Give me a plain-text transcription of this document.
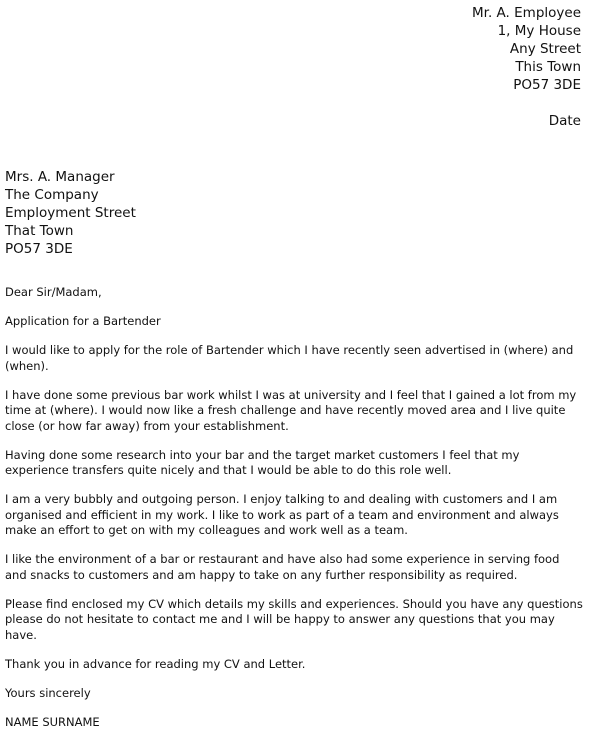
Mr. A. Employee
1, My House
Any Street
This Town
PO57 3DE
Date
Mrs. A. Manager
The Company
Employment Street
That Town
PO57 3DE

Dear Sir/Madam,

Application for a Bartender

I would like to apply for the role of Bartender which I have recently seen advertised in (where) and (when).

I have done some previous bar work whilst I was at university and I feel that I gained a lot from my time at (where). I would now like a fresh challenge and have recently moved area and I live quite close (or how far away) from your establishment.

Having done some research into your bar and the target market customers I feel that my experience transfers quite nicely and that I would be able to do this role well.

I am a very bubbly and outgoing person. I enjoy talking to and dealing with customers and I am organised and efficient in my work. I like to work as part of a team and environment and always make an effort to get on with my colleagues and work well as a team.

I like the environment of a bar or restaurant and have also had some experience in serving food and snacks to customers and am happy to take on any further responsibility as required.

Please find enclosed my CV which details my skills and experiences. Should you have any questions please do not hesitate to contact me and I will be happy to answer any questions that you may have.

Thank you in advance for reading my CV and Letter.

Yours sincerely

NAME SURNAME
